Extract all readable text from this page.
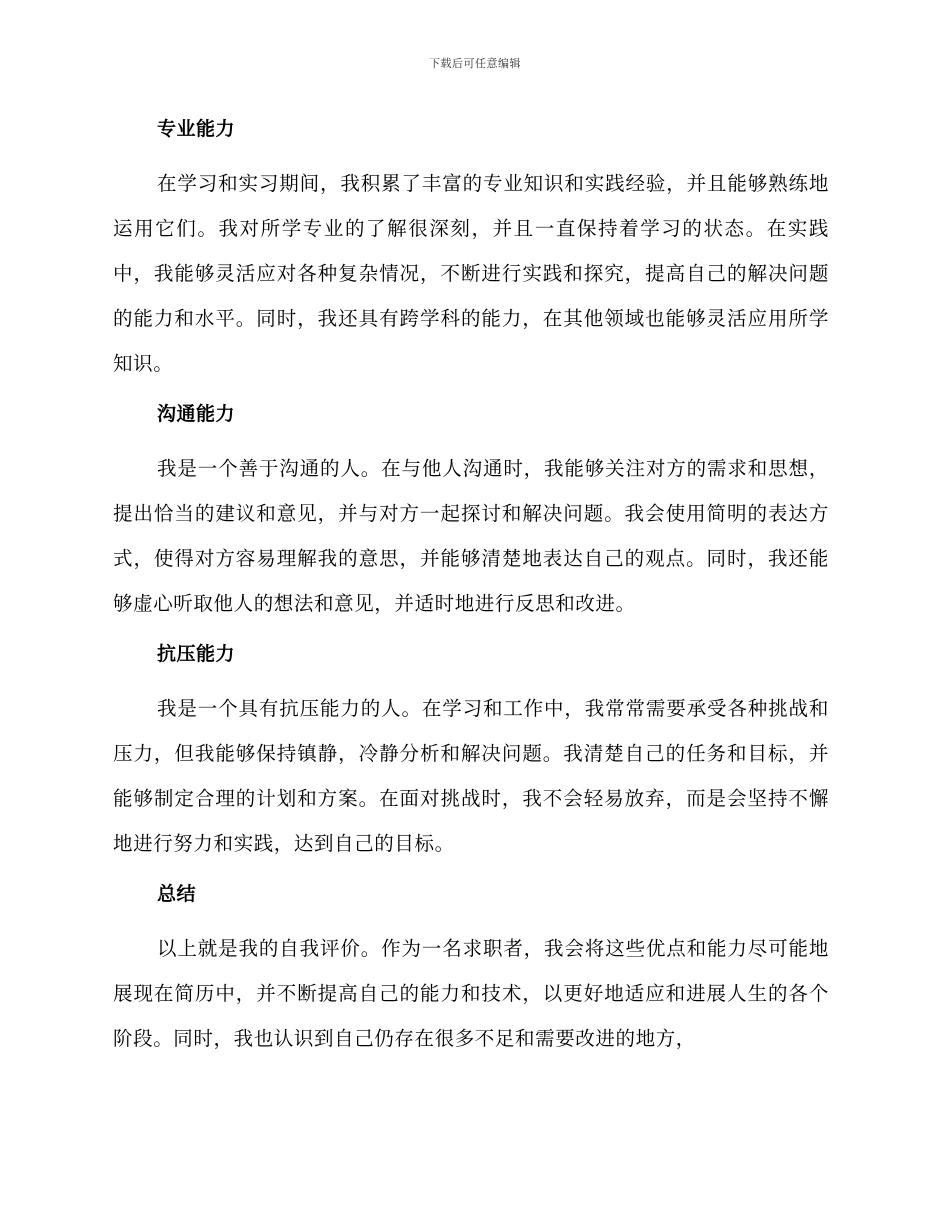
下载后可任意编辑
专业能力

在学习和实习期间，我积累了丰富的专业知识和实践经验，并且能够熟练地运用它们。我对所学专业的了解很深刻，并且一直保持着学习的状态。在实践中，我能够灵活应对各种复杂情况，不断进行实践和探究，提高自己的解决问题的能力和水平。同时，我还具有跨学科的能力，在其他领域也能够灵活应用所学知识。

沟通能力

我是一个善于沟通的人。在与他人沟通时，我能够关注对方的需求和思想，提出恰当的建议和意见，并与对方一起探讨和解决问题。我会使用简明的表达方式，使得对方容易理解我的意思，并能够清楚地表达自己的观点。同时，我还能够虚心听取他人的想法和意见，并适时地进行反思和改进。

抗压能力

我是一个具有抗压能力的人。在学习和工作中，我常常需要承受各种挑战和压力，但我能够保持镇静，冷静分析和解决问题。我清楚自己的任务和目标，并能够制定合理的计划和方案。在面对挑战时，我不会轻易放弃，而是会坚持不懈地进行努力和实践，达到自己的目标。

总结

以上就是我的自我评价。作为一名求职者，我会将这些优点和能力尽可能地展现在简历中，并不断提高自己的能力和技术，以更好地适应和进展人生的各个阶段。同时，我也认识到自己仍存在很多不足和需要改进的地方，
